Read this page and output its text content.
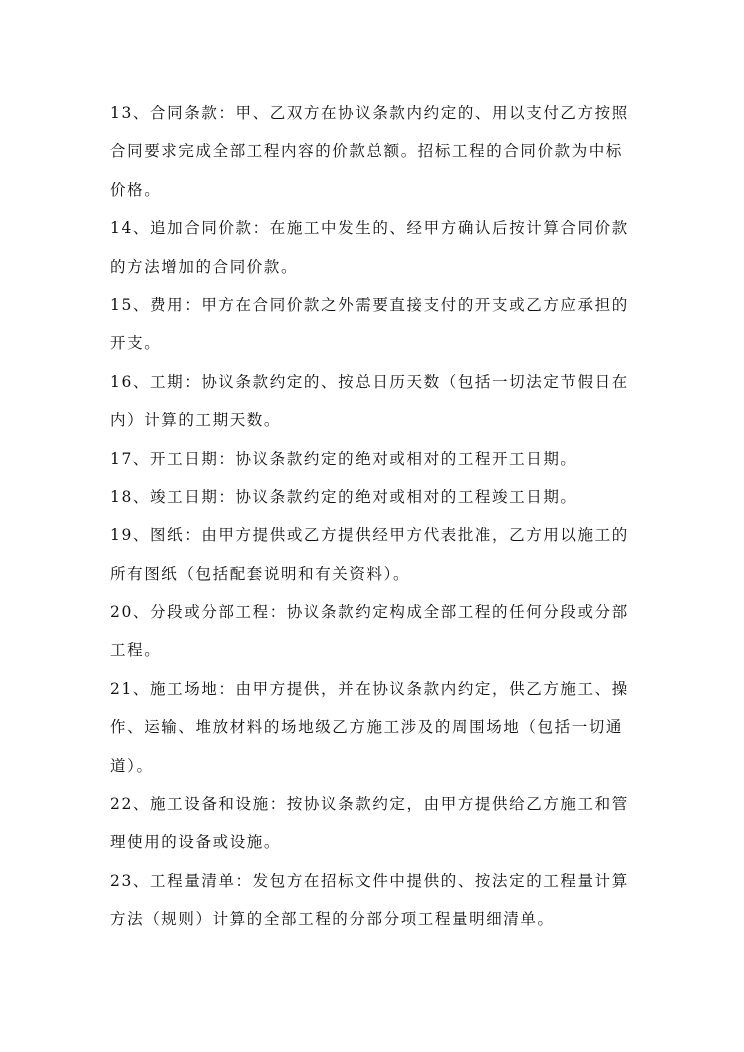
13、合同条款：甲、乙双方在协议条款内约定的、用以支付乙方按照
合同要求完成全部工程内容的价款总额。招标工程的合同价款为中标
价格。
14、追加合同价款：在施工中发生的、经甲方确认后按计算合同价款
的方法增加的合同价款。
15、费用：甲方在合同价款之外需要直接支付的开支或乙方应承担的
开支。
16、工期：协议条款约定的、按总日历天数（包括一切法定节假日在
内）计算的工期天数。
17、开工日期：协议条款约定的绝对或相对的工程开工日期。
18、竣工日期：协议条款约定的绝对或相对的工程竣工日期。
19、图纸：由甲方提供或乙方提供经甲方代表批准，乙方用以施工的
所有图纸（包括配套说明和有关资料）。
20、分段或分部工程：协议条款约定构成全部工程的任何分段或分部
工程。
21、施工场地：由甲方提供，并在协议条款内约定，供乙方施工、操
作、运输、堆放材料的场地级乙方施工涉及的周围场地（包括一切通
道）。
22、施工设备和设施：按协议条款约定，由甲方提供给乙方施工和管
理使用的设备或设施。
23、工程量清单：发包方在招标文件中提供的、按法定的工程量计算
方法（规则）计算的全部工程的分部分项工程量明细清单。
